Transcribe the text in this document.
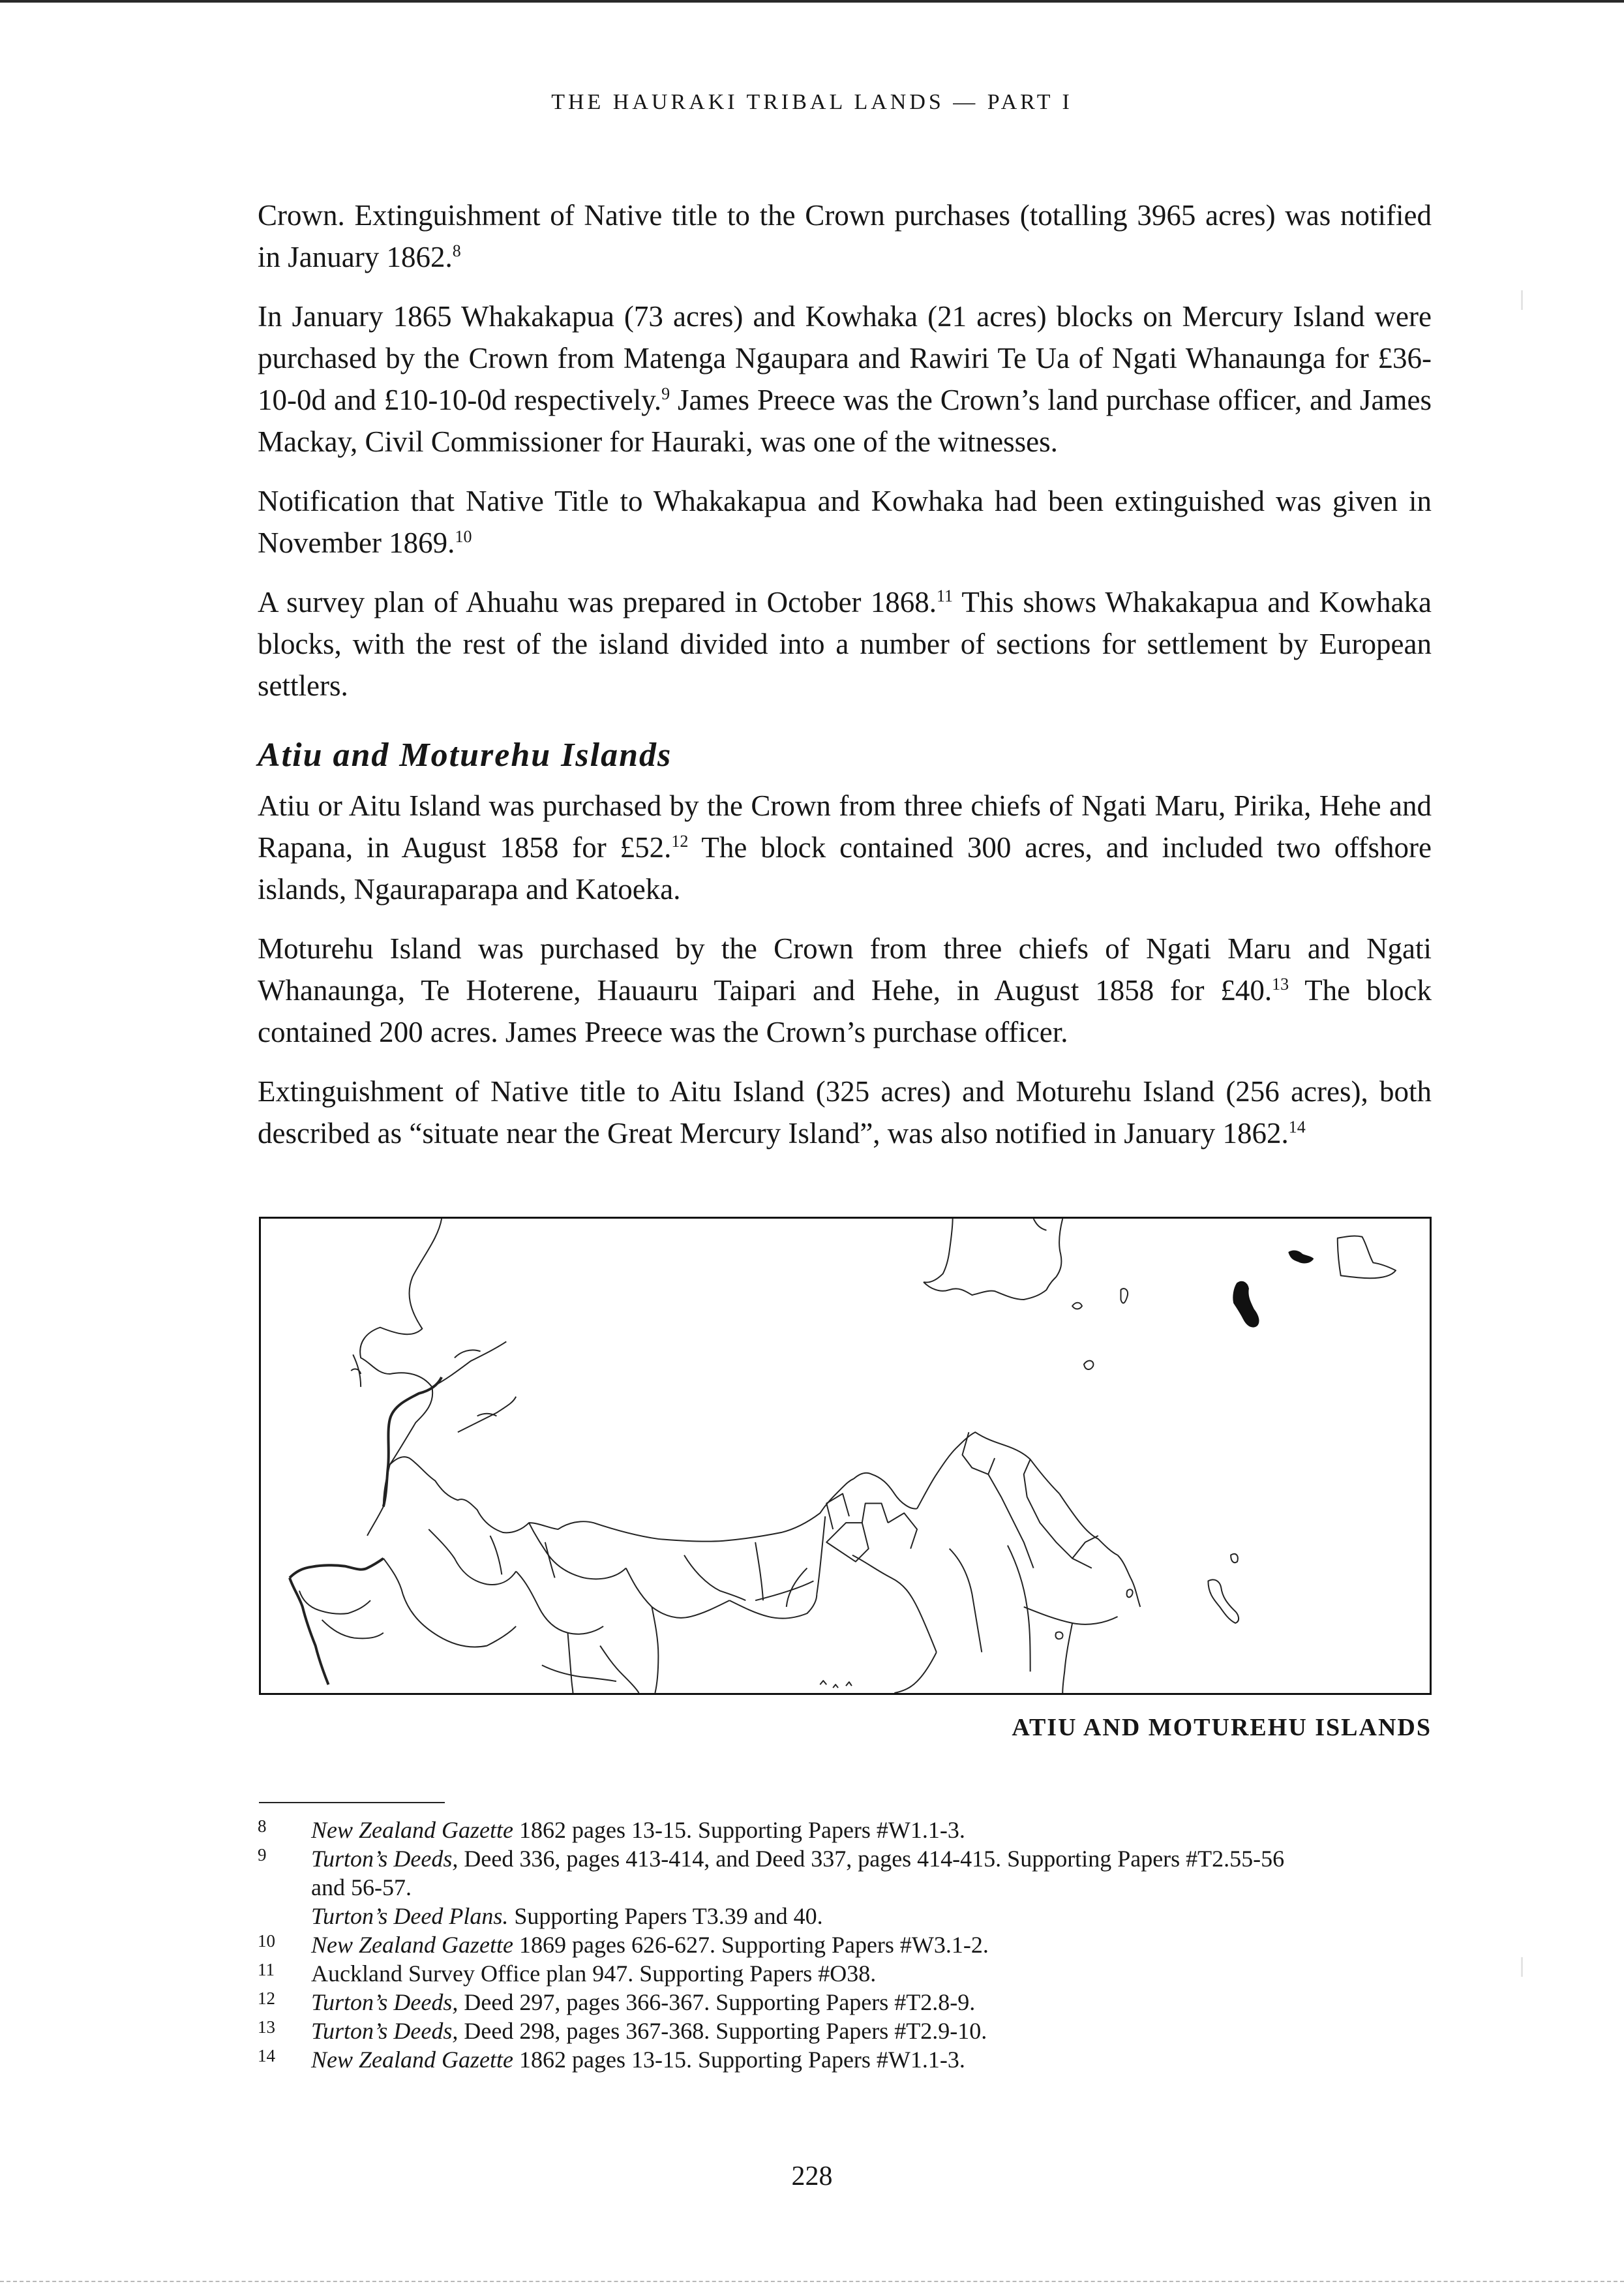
THE HAURAKI TRIBAL LANDS — PART I

Crown. Extinguishment of Native title to the Crown purchases (totalling 3965 acres) was notified in January 1862.$^8$

In January 1865 Whakakapua (73 acres) and Kowhaka (21 acres) blocks on Mercury Island were purchased by the Crown from Matenga Ngaupara and Rawiri Te Ua of Ngati Whanaunga for £36-10-0d and £10-10-0d respectively.$^9$ James Preece was the Crown’s land purchase officer, and James Mackay, Civil Commissioner for Hauraki, was one of the witnesses.

Notification that Native Title to Whakakapua and Kowhaka had been extinguished was given in November 1869.10

A survey plan of Ahuahu was prepared in October 1868.11 This shows Whakakapua and Kowhaka blocks, with the rest of the island divided into a number of sections for settlement by European settlers.

Atiu and Moturehu Islands

Atiu or Aitu Island was purchased by the Crown from three chiefs of Ngati Maru, Pirika, Hehe and Rapana, in August 1858 for £52.12 The block contained 300 acres, and included two offshore islands, Ngauraparapa and Katoeka.

Moturehu Island was purchased by the Crown from three chiefs of Ngati Maru and Ngati Whanaunga, Te Hoterene, Hauauru Taipari and Hehe, in August 1858 for £40.13 The block contained 200 acres. James Preece was the Crown’s purchase officer.

Extinguishment of Native title to Aitu Island (325 acres) and Moturehu Island (256 acres), both described as “situate near the Great Mercury Island”, was also notified in January 1862.14

ATIU AND MOTUREHU ISLANDS
8 New Zealand Gazette 1862 pages 13-15. Supporting Papers #W1.1-3.
9 Turton’s Deeds, Deed 336, pages 413-414, and Deed 337, pages 414-415. Supporting Papers #T2.55-56
and 56-57.
Turton’s Deed Plans. Supporting Papers T3.39 and 40.
10 New Zealand Gazette 1869 pages 626-627. Supporting Papers #W3.1-2.
11 Auckland Survey Office plan 947. Supporting Papers #O38.
12 Turton’s Deeds, Deed 297, pages 366-367. Supporting Papers #T2.8-9.
13 Turton’s Deeds, Deed 298, pages 367-368. Supporting Papers #T2.9-10.
14 New Zealand Gazette 1862 pages 13-15. Supporting Papers #W1.1-3.
228
